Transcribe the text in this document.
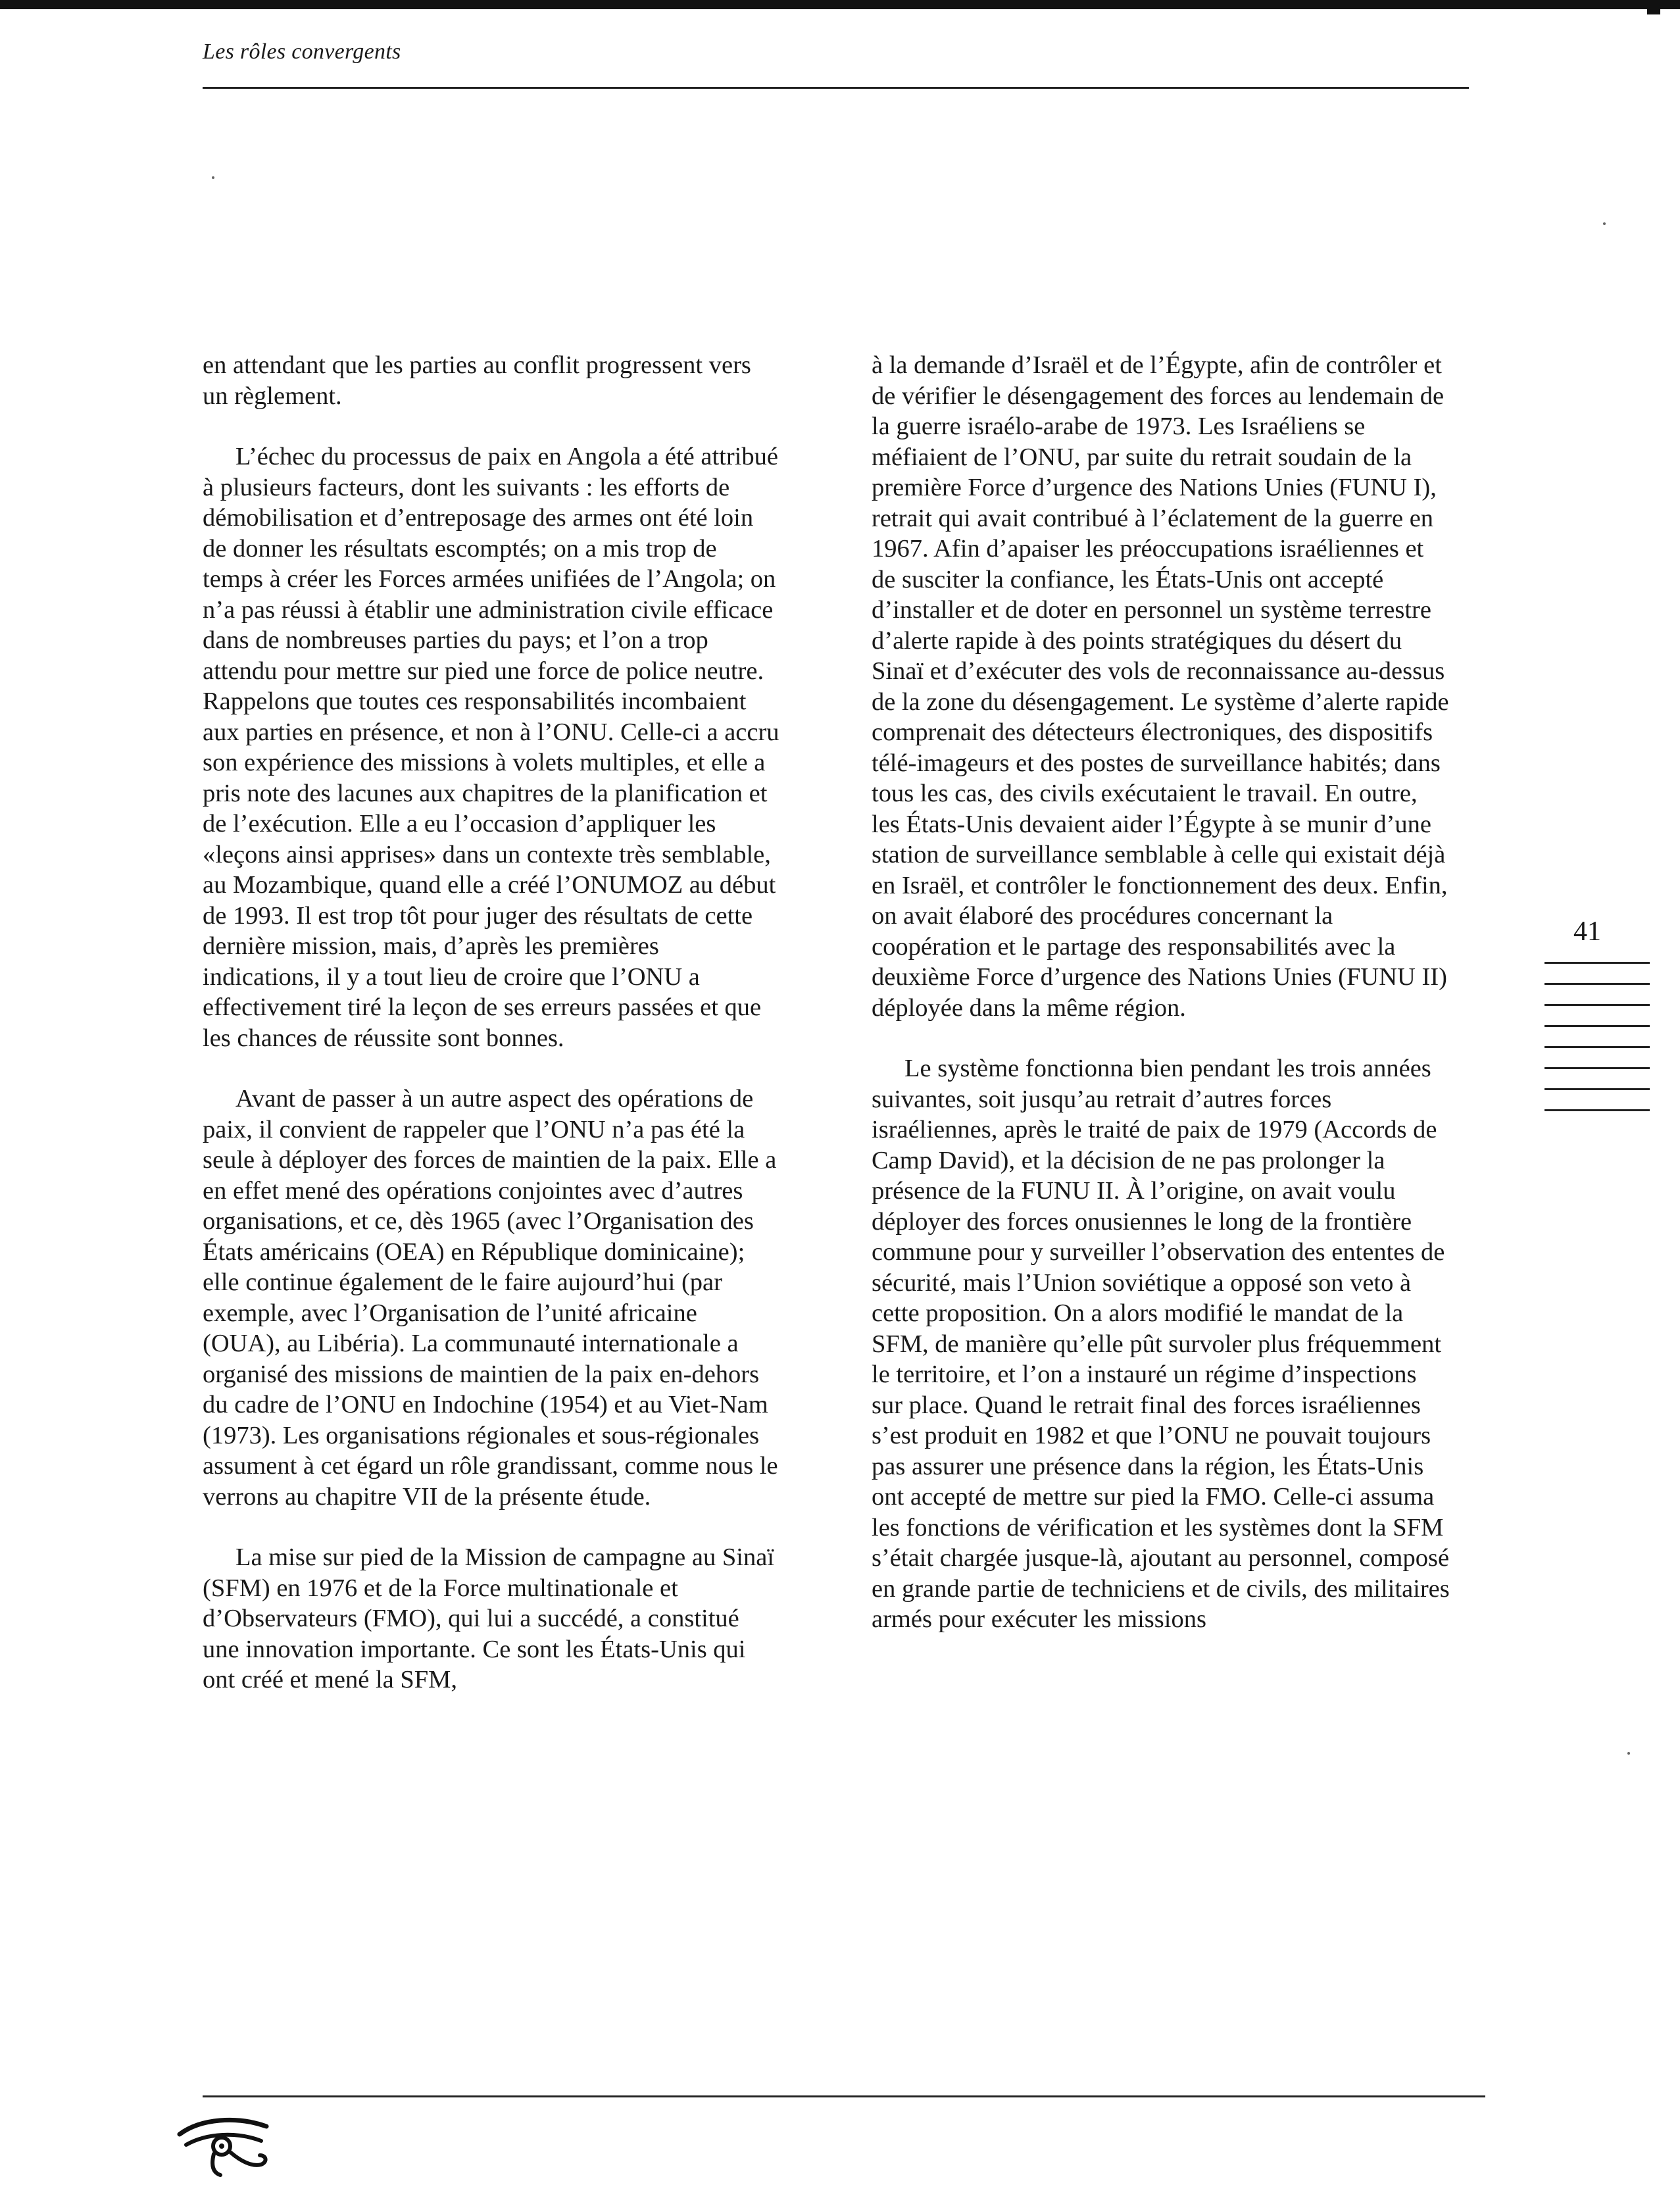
Les rôles convergents

en attendant que les parties au conflit progressent vers un règlement.

L’échec du processus de paix en Angola a été attribué à plusieurs facteurs, dont les suivants : les efforts de démobilisation et d’entreposage des armes ont été loin de donner les résultats escomptés; on a mis trop de temps à créer les Forces armées unifiées de l’Angola; on n’a pas réussi à établir une administration civile efficace dans de nombreuses parties du pays; et l’on a trop attendu pour mettre sur pied une force de police neutre. Rappelons que toutes ces responsabilités incombaient aux parties en présence, et non à l’ONU. Celle-ci a accru son expérience des missions à volets multiples, et elle a pris note des lacunes aux chapitres de la planification et de l’exécution. Elle a eu l’occasion d’appliquer les «leçons ainsi apprises» dans un contexte très semblable, au Mozambique, quand elle a créé l’ONUMOZ au début de 1993. Il est trop tôt pour juger des résultats de cette dernière mission, mais, d’après les premières indications, il y a tout lieu de croire que l’ONU a effectivement tiré la leçon de ses erreurs passées et que les chances de réussite sont bonnes.

Avant de passer à un autre aspect des opérations de paix, il convient de rappeler que l’ONU n’a pas été la seule à déployer des forces de maintien de la paix. Elle a en effet mené des opérations conjointes avec d’autres organisations, et ce, dès 1965 (avec l’Organisation des États américains (OEA) en République dominicaine); elle continue également de le faire aujourd’hui (par exemple, avec l’Organisation de l’unité africaine (OUA), au Libéria). La communauté internationale a organisé des missions de maintien de la paix en-dehors du cadre de l’ONU en Indochine (1954) et au Viet-Nam (1973). Les organisations régionales et sous-régionales assument à cet égard un rôle grandissant, comme nous le verrons au chapitre VII de la présente étude.

La mise sur pied de la Mission de campagne au Sinaï (SFM) en 1976 et de la Force multinationale et d’Observateurs (FMO), qui lui a succédé, a constitué une innovation importante. Ce sont les États-Unis qui ont créé et mené la SFM,

à la demande d’Israël et de l’Égypte, afin de contrôler et de vérifier le désengagement des forces au lendemain de la guerre israélo-arabe de 1973. Les Israéliens se méfiaient de l’ONU, par suite du retrait soudain de la première Force d’urgence des Nations Unies (FUNU I), retrait qui avait contribué à l’éclatement de la guerre en 1967. Afin d’apaiser les préoccupations israéliennes et de susciter la confiance, les États-Unis ont accepté d’installer et de doter en personnel un système terrestre d’alerte rapide à des points stratégiques du désert du Sinaï et d’exécuter des vols de reconnaissance au-dessus de la zone du désengagement. Le système d’alerte rapide comprenait des détecteurs électroniques, des dispositifs télé-imageurs et des postes de surveillance habités; dans tous les cas, des civils exécutaient le travail. En outre, les États-Unis devaient aider l’Égypte à se munir d’une station de surveillance semblable à celle qui existait déjà en Israël, et contrôler le fonctionnement des deux. Enfin, on avait élaboré des procédures concernant la coopération et le partage des responsabilités avec la deuxième Force d’urgence des Nations Unies (FUNU II) déployée dans la même région.

Le système fonctionna bien pendant les trois années suivantes, soit jusqu’au retrait d’autres forces israéliennes, après le traité de paix de 1979 (Accords de Camp David), et la décision de ne pas prolonger la présence de la FUNU II. À l’origine, on avait voulu déployer des forces onusiennes le long de la frontière commune pour y surveiller l’observation des ententes de sécurité, mais l’Union soviétique a opposé son veto à cette proposition. On a alors modifié le mandat de la SFM, de manière qu’elle pût survoler plus fréquemment le territoire, et l’on a instauré un régime d’inspections sur place. Quand le retrait final des forces israéliennes s’est produit en 1982 et que l’ONU ne pouvait toujours pas assurer une présence dans la région, les États-Unis ont accepté de mettre sur pied la FMO. Celle-ci assuma les fonctions de vérification et les systèmes dont la SFM s’était chargée jusque-là, ajoutant au personnel, composé en grande partie de techniciens et de civils, des militaires armés pour exécuter les missions

41
